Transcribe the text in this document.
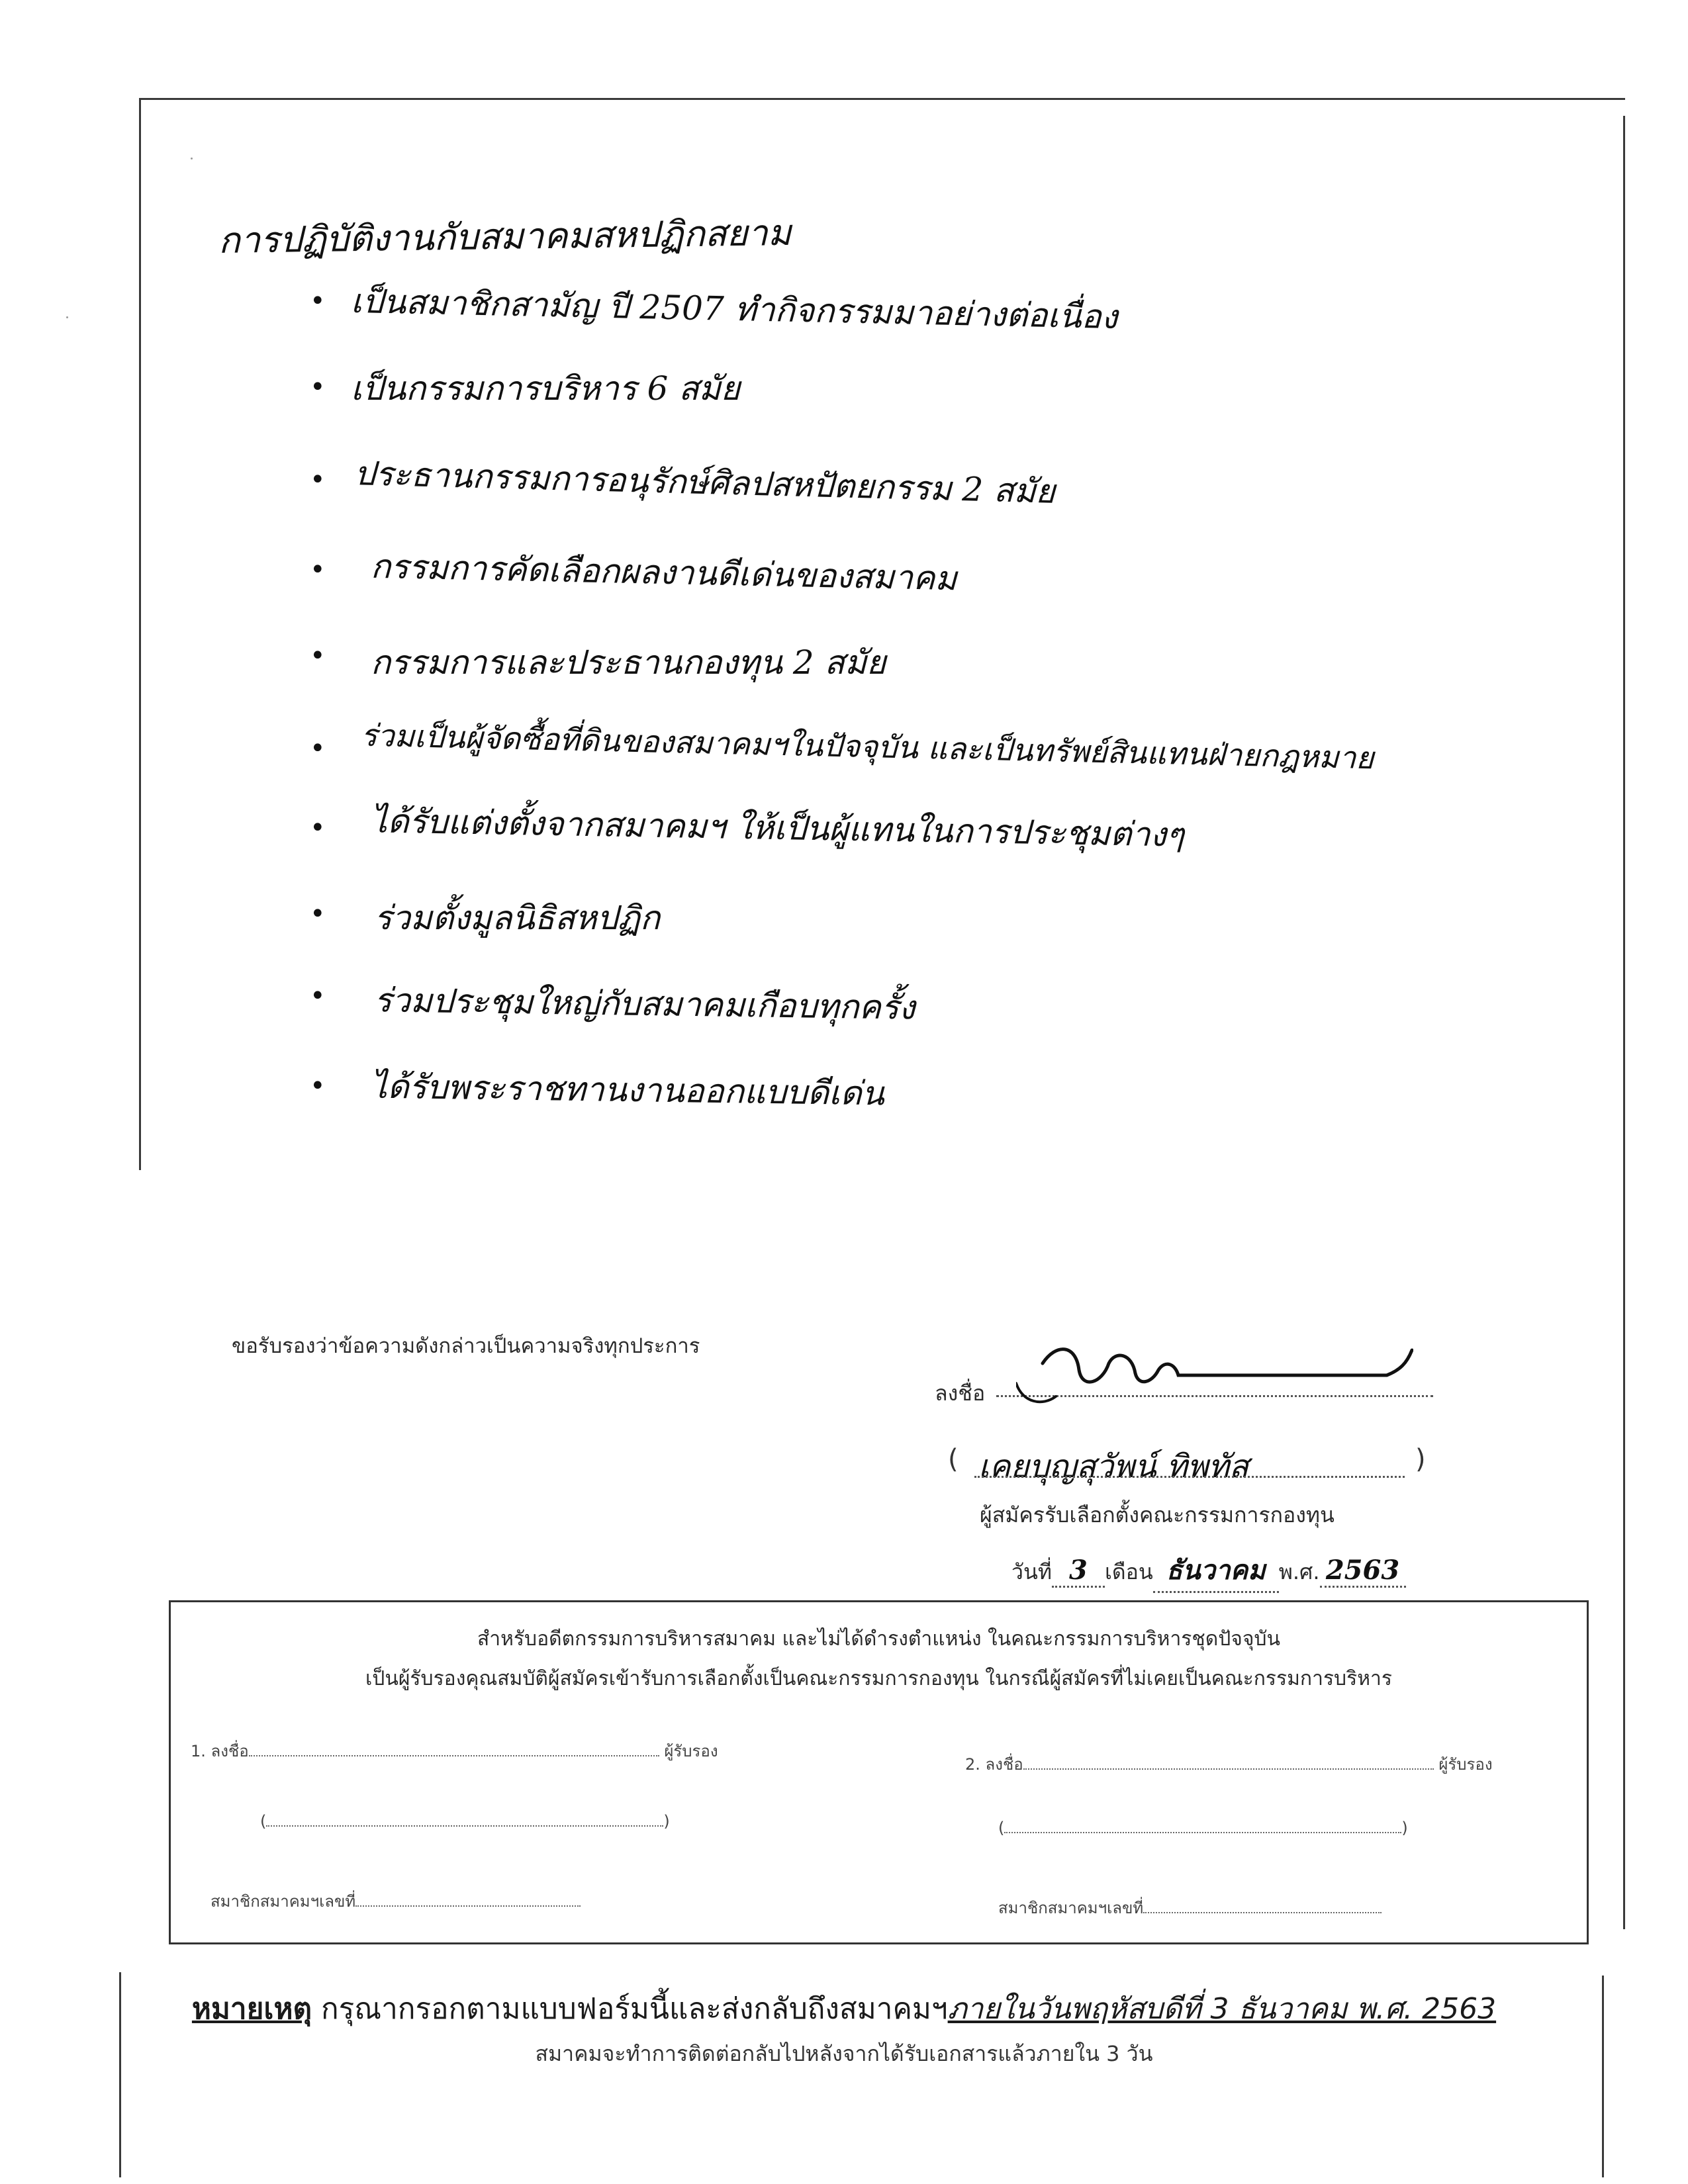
การปฏิบัติงานกับสมาคมสหปฏิกสยาม
• เป็นสมาชิกสามัญ ปี 2507 ทำกิจกรรมมาอย่างต่อเนื่อง
• เป็นกรรมการบริหาร 6 สมัย
• ประธานกรรมการอนุรักษ์ศิลปสหปัตยกรรม 2 สมัย
• กรรมการคัดเลือกผลงานดีเด่นของสมาคม
• กรรมการและประธานกองทุน 2 สมัย
• ร่วมเป็นผู้จัดซื้อที่ดินของสมาคมฯในปัจจุบัน และเป็นทรัพย์สินแทนฝ่ายกฎหมาย
• ได้รับแต่งตั้งจากสมาคมฯ ให้เป็นผู้แทนในการประชุมต่างๆ
• ร่วมตั้งมูลนิธิสหปฏิก
• ร่วมประชุมใหญ่กับสมาคมเกือบทุกครั้ง
• ได้รับพระราชทานงานออกแบบดีเด่น
ขอรับรองว่าข้อความดังกล่าวเป็นความจริงทุกประการ
ลงชื่อ
( เคยบุญสุวัพน์ ทิพทัส	)
ผู้สมัครรับเลือกตั้งคณะกรรมการกองทุน
วันที่ 3 เดือน ธันวาคม พ.ศ. 2563
สำหรับอดีตกรรมการบริหารสมาคม และไม่ได้ดำรงตำแหน่ง ในคณะกรรมการบริหารชุดปัจจุบัน
เป็นผู้รับรองคุณสมบัติผู้สมัครเข้ารับการเลือกตั้งเป็นคณะกรรมการกองทุน ในกรณีผู้สมัครที่ไม่เคยเป็นคณะกรรมการบริหาร
1. ลงชื่อ	ผู้รับรอง
(	)
สมาชิกสมาคมฯเลขที่
2. ลงชื่อ	ผู้รับรอง
(	)
สมาชิกสมาคมฯเลขที่
หมายเหตุ กรุณากรอกตามแบบฟอร์มนี้และส่งกลับถึงสมาคมฯภายในวันพฤหัสบดีที่ 3 ธันวาคม พ.ศ. 2563
สมาคมจะทำการติดต่อกลับไปหลังจากได้รับเอกสารแล้วภายใน 3 วัน
